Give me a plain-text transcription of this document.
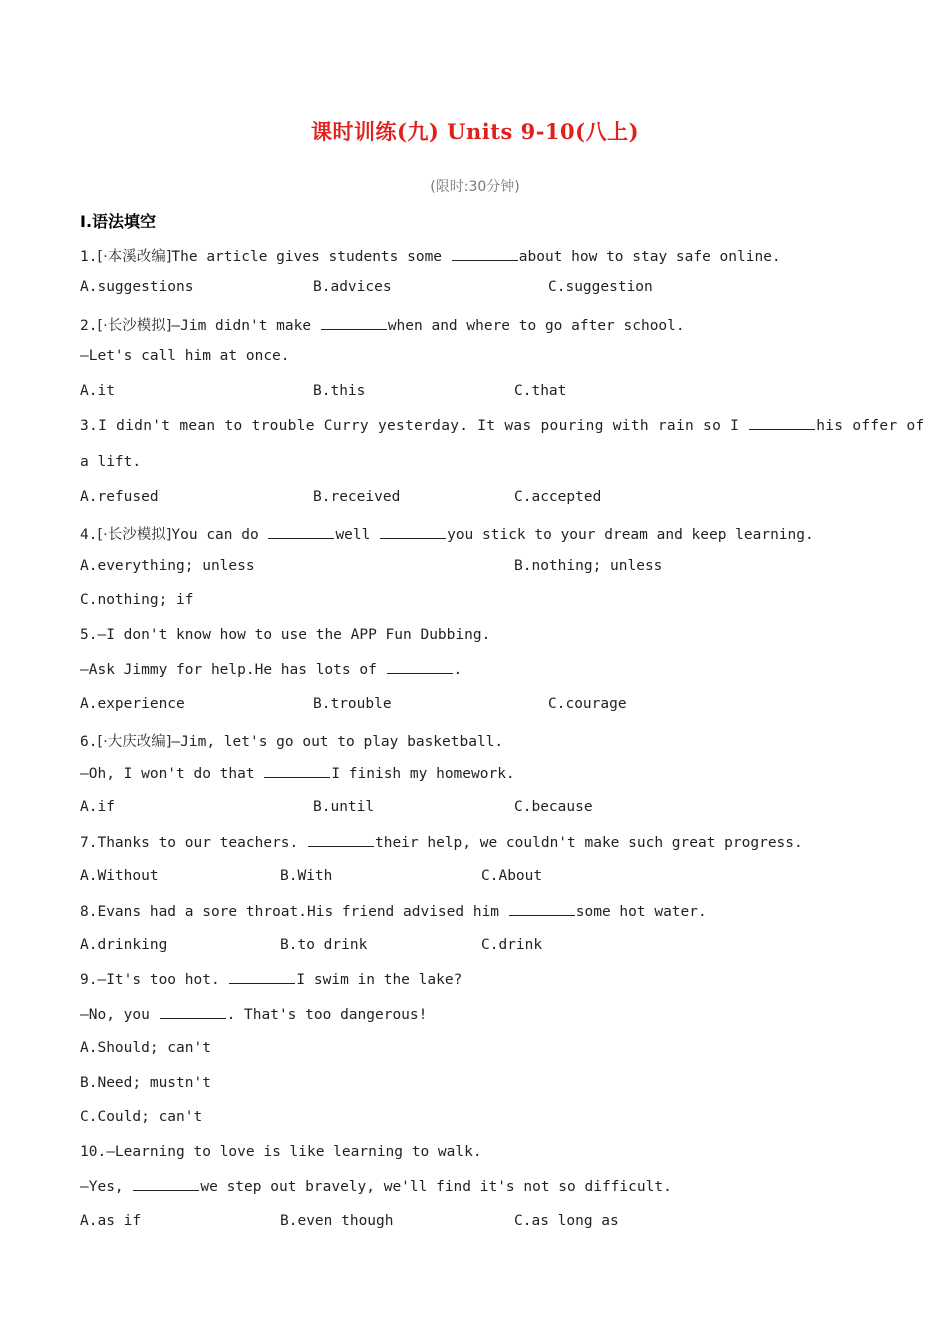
课时训练(九) Units 9-10(八上)
(限时:30分钟)
Ⅰ.语法填空
1.[·本溪改编]The article gives students some	about how to stay safe online.
A.suggestions	B.advices	C.suggestion
2.[·长沙模拟]—Jim didn't make	when and where to go after school.
—Let's call him at once.
A.it	B.this	C.that
3.I didn't mean to trouble Curry yesterday. It was pouring with rain so I	his offer of
a lift.
A.refused	B.received	C.accepted
4.[·长沙模拟]You can do	well	you stick to your dream and keep learning.
A.everything; unless	B.nothing; unless
C.nothing; if
5.—I don't know how to use the APP Fun Dubbing.
—Ask Jimmy for help.He has lots of	.
A.experience	B.trouble	C.courage
6.[·大庆改编]—Jim, let's go out to play basketball.
—Oh, I won't do that	I finish my homework.
A.if	B.until	C.because
7.Thanks to our teachers.	their help, we couldn't make such great progress.
A.Without	B.With	C.About
8.Evans had a sore throat.His friend advised him	some hot water.
A.drinking	B.to drink	C.drink
9.—It's too hot.	I swim in the lake?
—No, you	. That's too dangerous!
A.Should; can't
B.Need; mustn't
C.Could; can't
10.—Learning to love is like learning to walk.
—Yes,	we step out bravely, we'll find it's not so difficult.
A.as if	B.even though	C.as long as
